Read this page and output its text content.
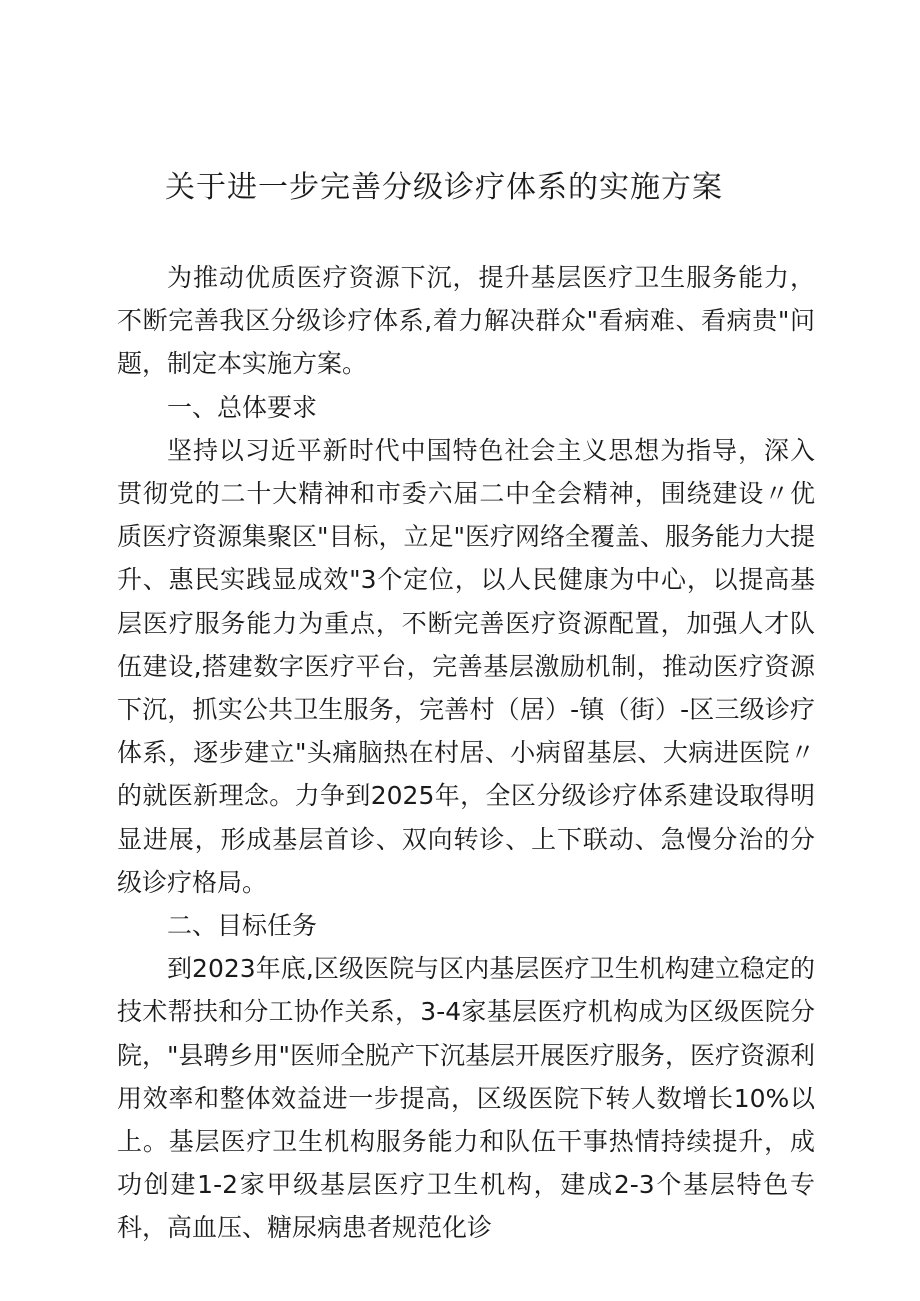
关于进一步完善分级诊疗体系的实施方案

为推动优质医疗资源下沉，提升基层医疗卫生服务能力，不断完善我区分级诊疗体系,着力解决群众"看病难、看病贵"问题，制定本实施方案。

一、总体要求

坚持以习近平新时代中国特色社会主义思想为指导，深入贯彻党的二十大精神和市委六届二中全会精神，围绕建设〃优质医疗资源集聚区"目标，立足"医疗网络全覆盖、服务能力大提升、惠民实践显成效"3个定位，以人民健康为中心，以提高基层医疗服务能力为重点，不断完善医疗资源配置，加强人才队伍建设,搭建数字医疗平台，完善基层激励机制，推动医疗资源下沉，抓实公共卫生服务，完善村（居）-镇（街）-区三级诊疗体系，逐步建立"头痛脑热在村居、小病留基层、大病进医院〃的就医新理念。力争到2025年，全区分级诊疗体系建设取得明显进展，形成基层首诊、双向转诊、上下联动、急慢分治的分级诊疗格局。

二、目标任务

到2023年底,区级医院与区内基层医疗卫生机构建立稳定的技术帮扶和分工协作关系，3-4家基层医疗机构成为区级医院分院，"县聘乡用"医师全脱产下沉基层开展医疗服务，医疗资源利用效率和整体效益进一步提高，区级医院下转人数增长10%以上。基层医疗卫生机构服务能力和队伍干事热情持续提升，成功创建1-2家甲级基层医疗卫生机构，建成2-3个基层特色专科，高血压、糖尿病患者规范化诊
